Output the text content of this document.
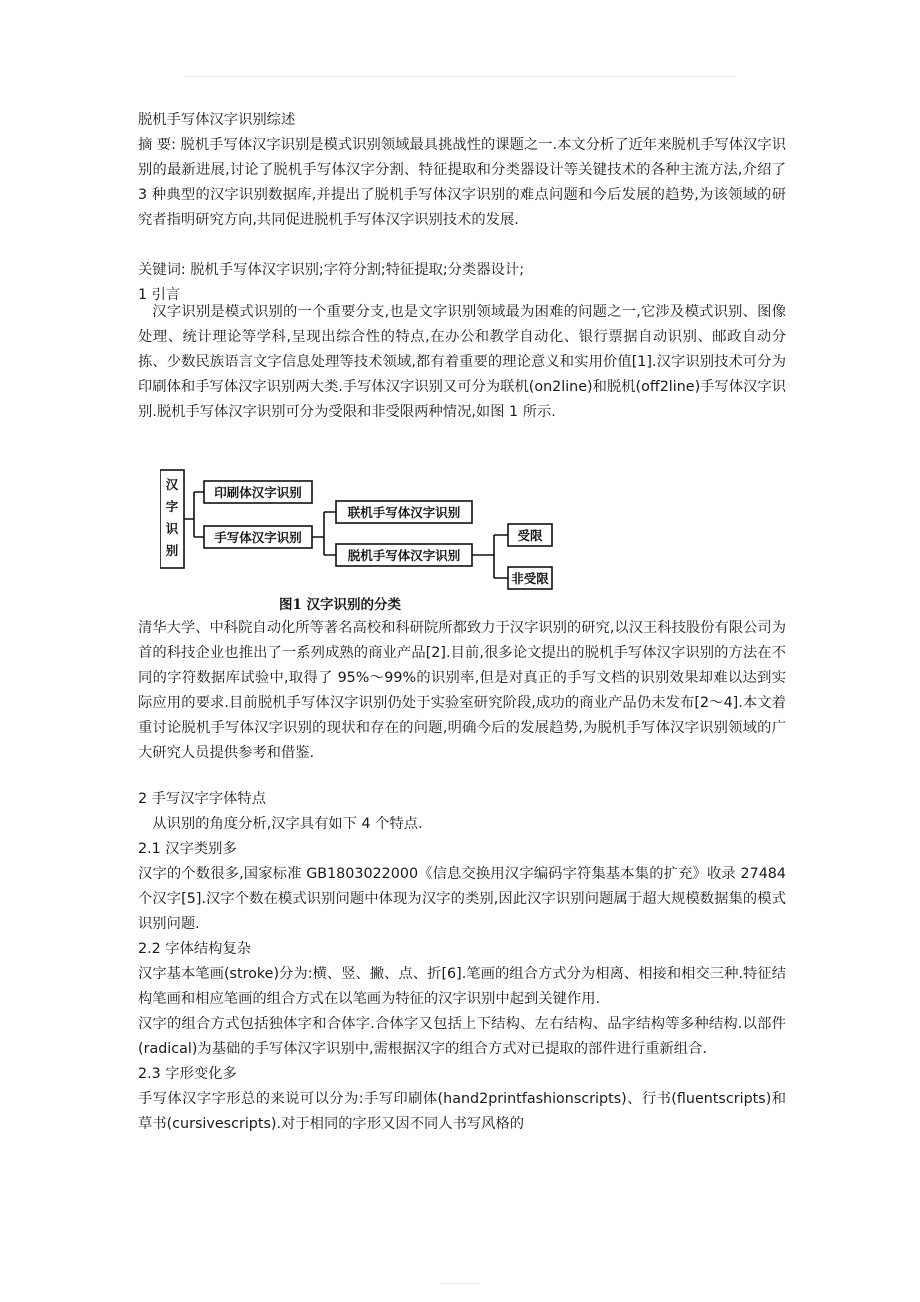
脱机手写体汉字识别综述

摘 要: 脱机手写体汉字识别是模式识别领域最具挑战性的课题之一.本文分析了近年来脱机手写体汉字识别的最新进展,讨论了脱机手写体汉字分割、特征提取和分类器设计等关键技术的各种主流方法,介绍了 3 种典型的汉字识别数据库,并提出了脱机手写体汉字识别的难点问题和今后发展的趋势,为该领域的研究者指明研究方向,共同促进脱机手写体汉字识别技术的发展.

关键词: 脱机手写体汉字识别;字符分割;特征提取;分类器设计;

1 引言

汉字识别是模式识别的一个重要分支,也是文字识别领域最为困难的问题之一,它涉及模式识别、图像处理、统计理论等学科,呈现出综合性的特点,在办公和教学自动化、银行票据自动识别、邮政自动分拣、少数民族语言文字信息处理等技术领域,都有着重要的理论意义和实用价值[1].汉字识别技术可分为印刷体和手写体汉字识别两大类.手写体汉字识别又可分为联机(on2line)和脱机(off2line)手写体汉字识别.脱机手写体汉字识别可分为受限和非受限两种情况,如图 1 所示.

汉
字
识
别
印刷体汉字识别
手写体汉字识别
联机手写体汉字识别
脱机手写体汉字识别
受限
非受限
图1 汉字识别的分类

清华大学、中科院自动化所等著名高校和科研院所都致力于汉字识别的研究,以汉王科技股份有限公司为首的科技企业也推出了一系列成熟的商业产品[2].目前,很多论文提出的脱机手写体汉字识别的方法在不同的字符数据库试验中,取得了 95%～99%的识别率,但是对真正的手写文档的识别效果却难以达到实际应用的要求.目前脱机手写体汉字识别仍处于实验室研究阶段,成功的商业产品仍未发布[2～4].本文着重讨论脱机手写体汉字识别的现状和存在的问题,明确今后的发展趋势,为脱机手写体汉字识别领域的广大研究人员提供参考和借鉴.

2 手写汉字字体特点

从识别的角度分析,汉字具有如下 4 个特点.

2.1 汉字类别多

汉字的个数很多,国家标准 GB1803022000《信息交换用汉字编码字符集基本集的扩充》收录 27484 个汉字[5].汉字个数在模式识别问题中体现为汉字的类别,因此汉字识别问题属于超大规模数据集的模式识别问题.

2.2 字体结构复杂

汉字基本笔画(stroke)分为:横、竖、撇、点、折[6].笔画的组合方式分为相离、相接和相交三种.特征结构笔画和相应笔画的组合方式在以笔画为特征的汉字识别中起到关键作用.

汉字的组合方式包括独体字和合体字.合体字又包括上下结构、左右结构、品字结构等多种结构.以部件(radical)为基础的手写体汉字识别中,需根据汉字的组合方式对已提取的部件进行重新组合.

2.3 字形变化多

手写体汉字字形总的来说可以分为:手写印刷体(hand2printfashionscripts)、行书(fluentscripts)和草书(cursivescripts).对于相同的字形又因不同人书写风格的
